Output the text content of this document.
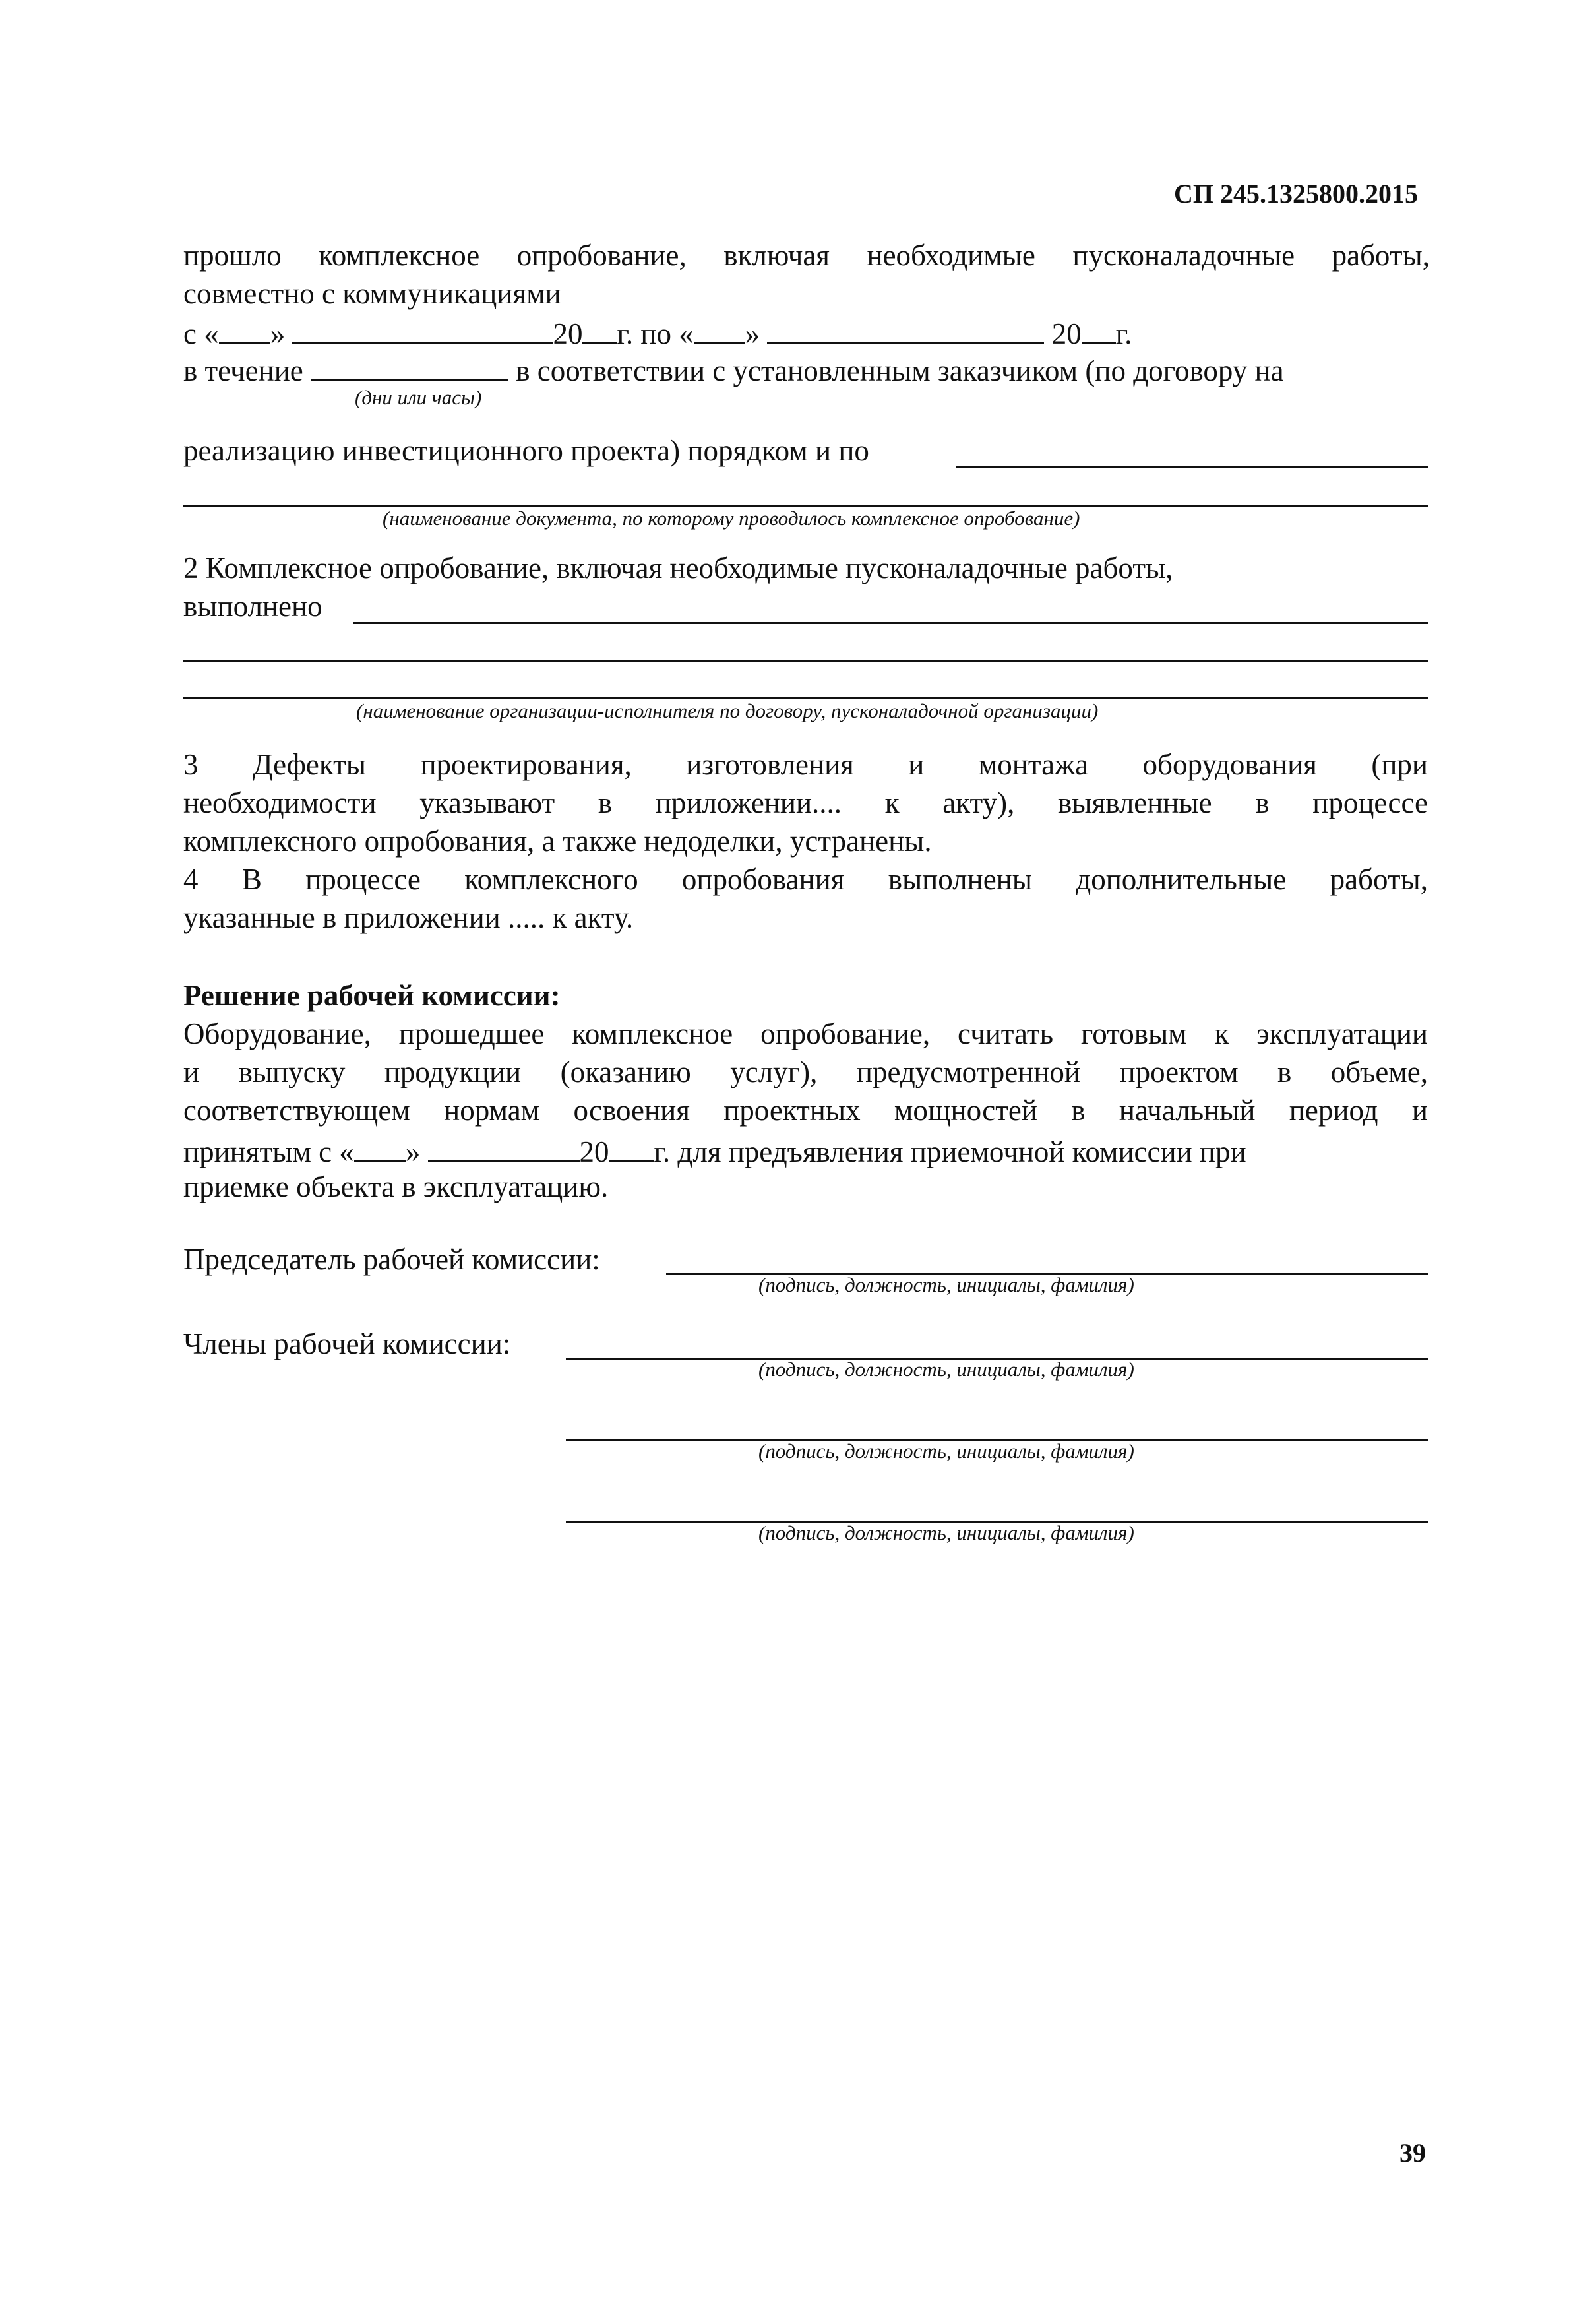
СП 245.1325800.2015
прошло комплексное опробование, включая необходимые пусконаладочные работы,
совместно с коммуникациями
с « »	20 г. по « »	20 г.
в течение	в соответствии с установленным заказчиком (по договору на
(дни или часы)
реализацию инвестиционного проекта) порядком и по
(наименование документа, по которому проводилось комплексное опробование)
2 Комплексное опробование, включая необходимые пусконаладочные работы,
выполнено
(наименование организации-исполнителя по договору, пусконаладочной организации)
3 Дефекты проектирования, изготовления и монтажа оборудования (при
необходимости указывают в приложении.... к акту), выявленные в процессе
комплексного опробования, а также недоделки, устранены.
4 В процессе комплексного опробования выполнены дополнительные работы,
указанные в приложении ..... к акту.
Решение рабочей комиссии:
Оборудование, прошедшее комплексное опробование, считать готовым к эксплуатации
и выпуску продукции (оказанию услуг), предусмотренной проектом в объеме,
соответствующем нормам освоения проектных мощностей в начальный период и
принятым с « »	20 г. для предъявления приемочной комиссии при
приемке объекта в эксплуатацию.
Председатель рабочей комиссии:
(подпись, должность, инициалы, фамилия)
Члены рабочей комиссии:
(подпись, должность, инициалы, фамилия)
(подпись, должность, инициалы, фамилия)
(подпись, должность, инициалы, фамилия)
39
